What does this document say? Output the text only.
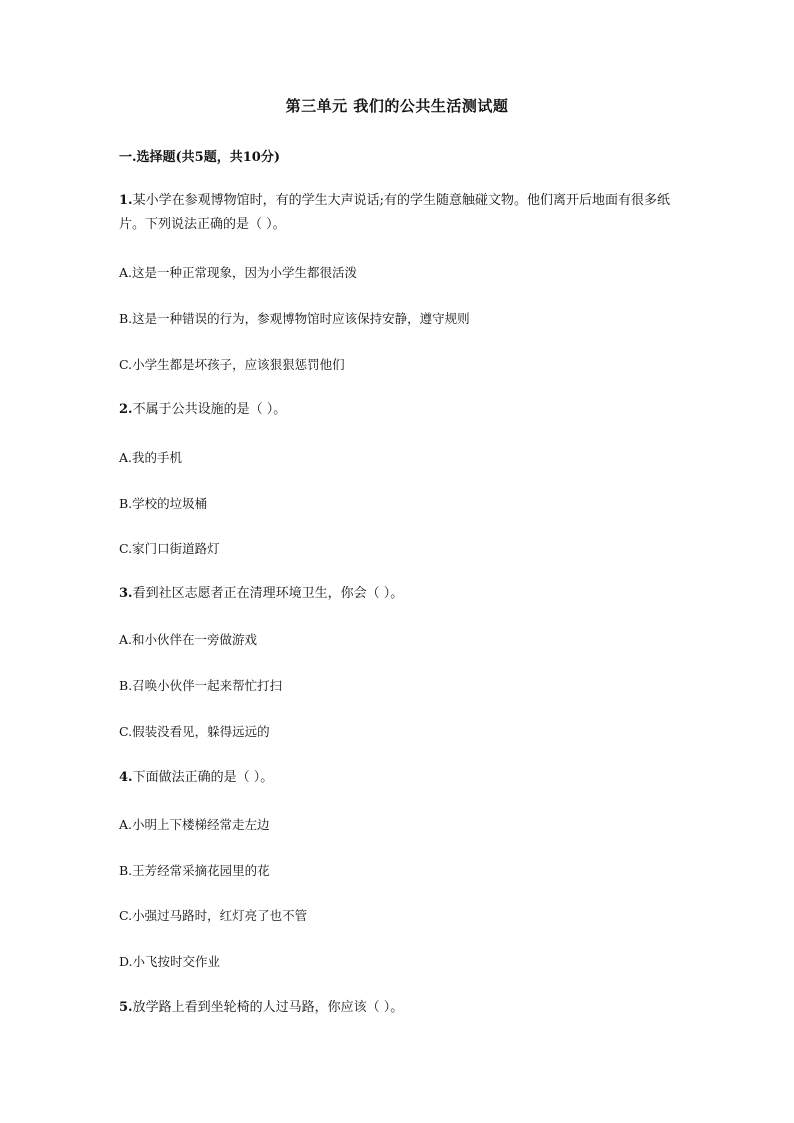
第三单元 我们的公共生活测试题
一.选择题(共5题，共10分)
1.某小学在参观博物馆时，有的学生大声说话;有的学生随意触碰文物。他们离开后地面有很多纸片。下列说法正确的是（ ）。
A.这是一种正常现象，因为小学生都很活泼
B.这是一种错误的行为，参观博物馆时应该保持安静，遵守规则
C.小学生都是坏孩子，应该狠狠惩罚他们
2.不属于公共设施的是（ ）。
A.我的手机
B.学校的垃圾桶
C.家门口街道路灯
3.看到社区志愿者正在清理环境卫生，你会（ ）。
A.和小伙伴在一旁做游戏
B.召唤小伙伴一起来帮忙打扫
C.假装没看见，躲得远远的
4.下面做法正确的是（ ）。
A.小明上下楼梯经常走左边
B.王芳经常采摘花园里的花
C.小强过马路时，红灯亮了也不管
D.小飞按时交作业
5.放学路上看到坐轮椅的人过马路，你应该（ ）。
